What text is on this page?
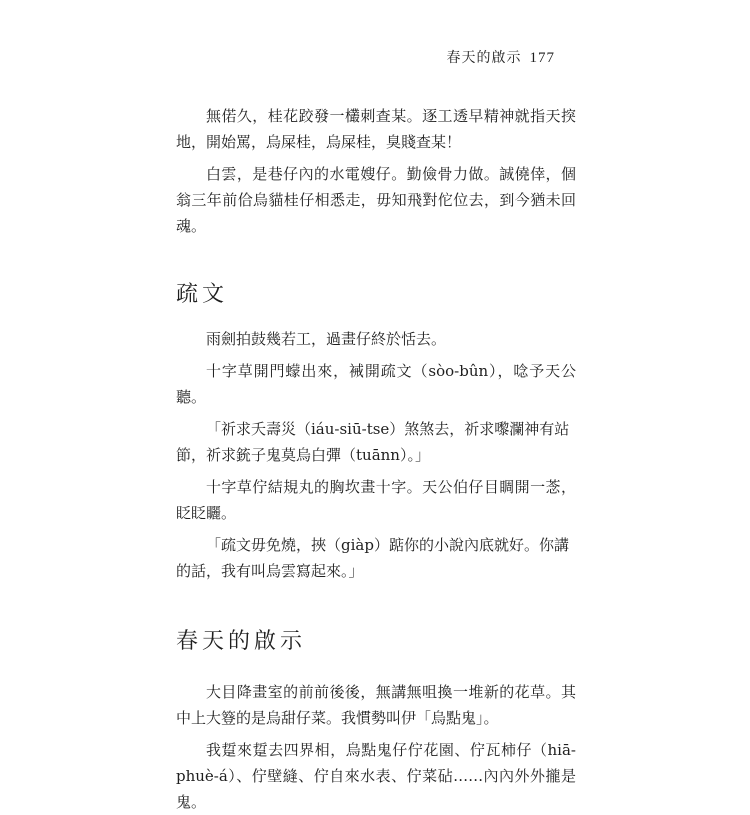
春天的啟示 177

無偌久，桂花跤發一欉刺查某。逐工透早精神就指天揬地，開始罵，烏屎桂，烏屎桂，臭賤查某！

白雲，是巷仔內的水電嫂仔。勤儉骨力做。誠僥倖，個翁三年前佮烏貓桂仔相悉走，毋知飛對佗位去，到今猶未回魂。

疏文

雨劍拍鼓幾若工，過畫仔終於恬去。

十字草開門蠓出來，裓開疏文（sòo-bûn），唸予天公聽。

「祈求夭壽災（iáu-siū-tse）煞煞去，祈求嚟瀾神有站節，祈求銃子鬼莫烏白彈（tuānn）。」

十字草佇結規丸的胸坎畫十字。天公伯仔目睭開一菍，眨眨矖。

「疏文毋免燒，挾（giàp）踮你的小說內底就好。你講的話，我有叫烏雲寫起來。」

春天的啟示

大目降畫室的前前後後，無講無咀換一堆新的花草。其中上大簦的是烏甜仔菜。我慣勢叫伊「烏點鬼」。

我踅來踅去四界相，烏點鬼仔佇花園、佇瓦柿仔（hiā-phuè-á）、佇壁縫、佇自來水表、佇菜砧……內內外外攏是鬼。
